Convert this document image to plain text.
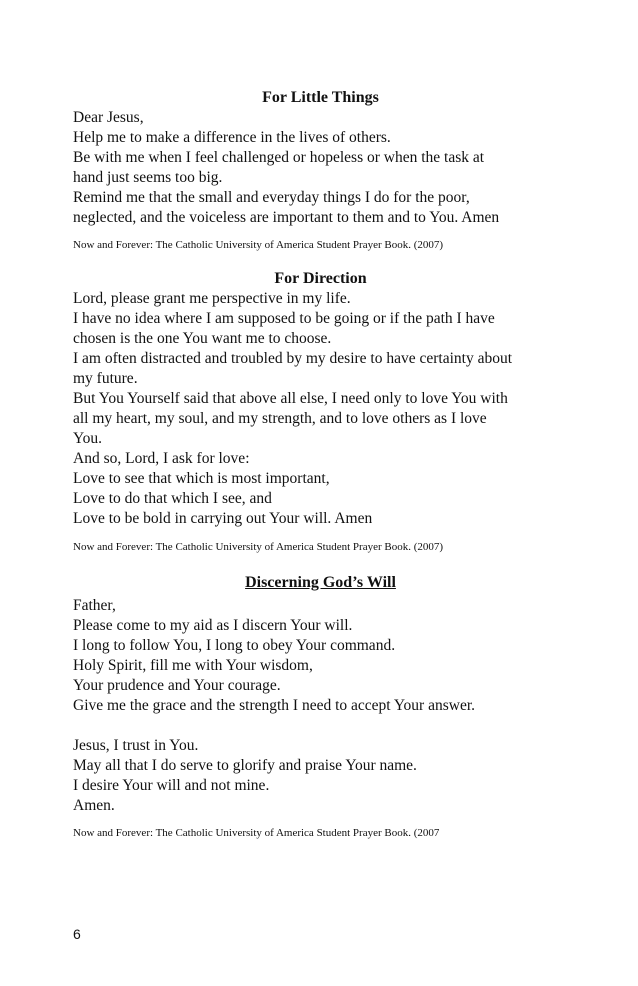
For Little Things
Dear Jesus,
Help me to make a difference in the lives of others.
Be with me when I feel challenged or hopeless or when the task at
hand just seems too big.
Remind me that the small and everyday things I do for the poor,
neglected, and the voiceless are important to them and to You. Amen

Now and Forever: The Catholic University of America Student Prayer Book. (2007)

For Direction
Lord, please grant me perspective in my life.
I have no idea where I am supposed to be going or if the path I have
chosen is the one You want me to choose.
I am often distracted and troubled by my desire to have certainty about
my future.
But You Yourself said that above all else, I need only to love You with
all my heart, my soul, and my strength, and to love others as I love
You.
And so, Lord, I ask for love:
Love to see that which is most important,
Love to do that which I see, and
Love to be bold in carrying out Your will. Amen

Now and Forever: The Catholic University of America Student Prayer Book. (2007)

Discerning God’s Will
Father,
Please come to my aid as I discern Your will.
I long to follow You, I long to obey Your command.
Holy Spirit, fill me with Your wisdom,
Your prudence and Your courage.
Give me the grace and the strength I need to accept Your answer.
Jesus, I trust in You.
May all that I do serve to glorify and praise Your name.
I desire Your will and not mine.
Amen.

Now and Forever: The Catholic University of America Student Prayer Book. (2007

6
